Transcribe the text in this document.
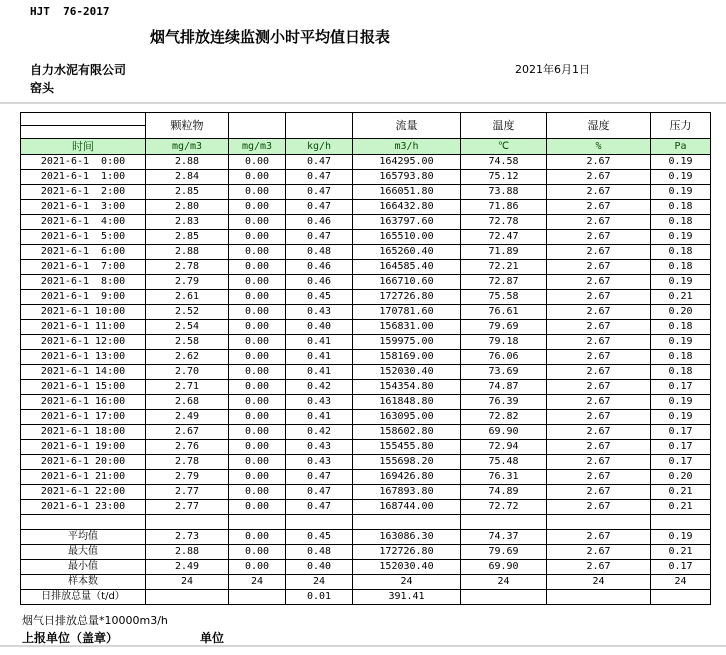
HJT  76-2017
烟气排放连续监测小时平均值日报表
自力水泥有限公司
窑头
2021年6月1日
	颗粒物			流量	温度	湿度	压力

时间	mg/m3	mg/m3	kg/h	m3/h	℃	%	Pa
2021-6-1  0:00	2.88	0.00	0.47	164295.00	74.58	2.67	0.19
2021-6-1  1:00	2.84	0.00	0.47	165793.80	75.12	2.67	0.19
2021-6-1  2:00	2.85	0.00	0.47	166051.80	73.88	2.67	0.19
2021-6-1  3:00	2.80	0.00	0.47	166432.80	71.86	2.67	0.18
2021-6-1  4:00	2.83	0.00	0.46	163797.60	72.78	2.67	0.18
2021-6-1  5:00	2.85	0.00	0.47	165510.00	72.47	2.67	0.19
2021-6-1  6:00	2.88	0.00	0.48	165260.40	71.89	2.67	0.18
2021-6-1  7:00	2.78	0.00	0.46	164585.40	72.21	2.67	0.18
2021-6-1  8:00	2.79	0.00	0.46	166710.60	72.87	2.67	0.19
2021-6-1  9:00	2.61	0.00	0.45	172726.80	75.58	2.67	0.21
2021-6-1 10:00	2.52	0.00	0.43	170781.60	76.61	2.67	0.20
2021-6-1 11:00	2.54	0.00	0.40	156831.00	79.69	2.67	0.18
2021-6-1 12:00	2.58	0.00	0.41	159975.00	79.18	2.67	0.19
2021-6-1 13:00	2.62	0.00	0.41	158169.00	76.06	2.67	0.18
2021-6-1 14:00	2.70	0.00	0.41	152030.40	73.69	2.67	0.18
2021-6-1 15:00	2.71	0.00	0.42	154354.80	74.87	2.67	0.17
2021-6-1 16:00	2.68	0.00	0.43	161848.80	76.39	2.67	0.19
2021-6-1 17:00	2.49	0.00	0.41	163095.00	72.82	2.67	0.19
2021-6-1 18:00	2.67	0.00	0.42	158602.80	69.90	2.67	0.17
2021-6-1 19:00	2.76	0.00	0.43	155455.80	72.94	2.67	0.17
2021-6-1 20:00	2.78	0.00	0.43	155698.20	75.48	2.67	0.17
2021-6-1 21:00	2.79	0.00	0.47	169426.80	76.31	2.67	0.20
2021-6-1 22:00	2.77	0.00	0.47	167893.80	74.89	2.67	0.21
2021-6-1 23:00	2.77	0.00	0.47	168744.00	72.72	2.67	0.21

平均值	2.73	0.00	0.45	163086.30	74.37	2.67	0.19
最大值	2.88	0.00	0.48	172726.80	79.69	2.67	0.21
最小值	2.49	0.00	0.40	152030.40	69.90	2.67	0.17
样本数	24	24	24	24	24	24	24
日排放总量（t/d）			0.01	391.41			
烟气日排放总量*10000m3/h
上报单位（盖章）	单位
